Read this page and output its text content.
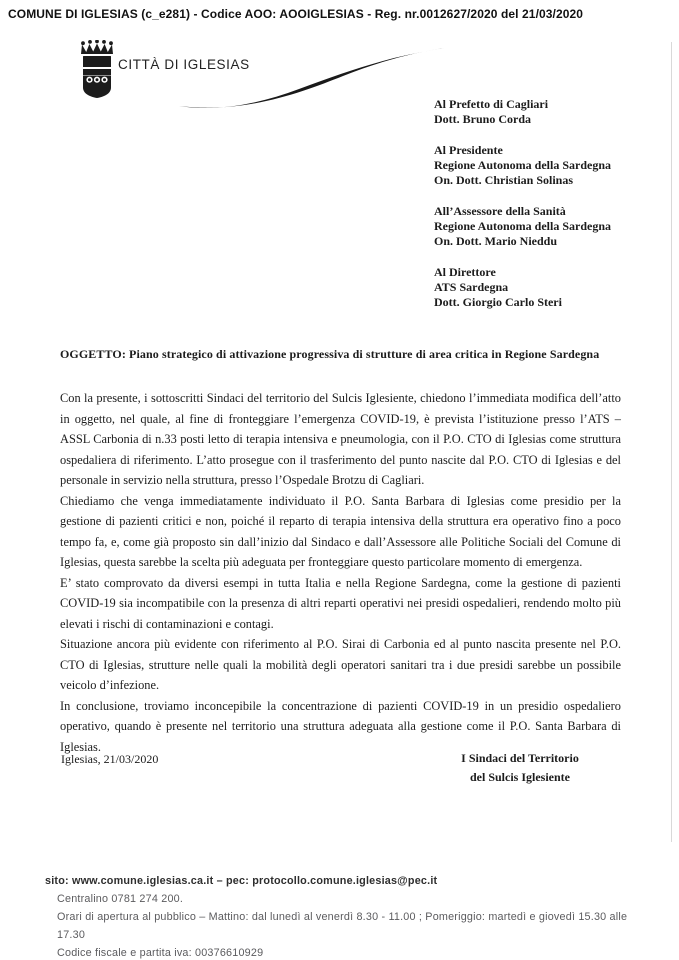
COMUNE DI IGLESIAS (c_e281) - Codice AOO: AOOIGLESIAS - Reg. nr.0012627/2020 del 21/03/2020
CITTÀ DI IGLESIAS
Al Prefetto di Cagliari
Dott. Bruno Corda
Al Presidente
Regione Autonoma della Sardegna
On. Dott. Christian Solinas
All’Assessore della Sanità
Regione Autonoma della Sardegna
On. Dott. Mario Nieddu
Al Direttore
ATS Sardegna
Dott. Giorgio Carlo Steri
OGGETTO: Piano strategico di attivazione progressiva di strutture di area critica in Regione Sardegna

Con la presente, i sottoscritti Sindaci del territorio del Sulcis Iglesiente, chiedono l’immediata modifica dell’atto in oggetto, nel quale, al fine di fronteggiare l’emergenza COVID-19, è prevista l’istituzione presso l’ATS – ASSL Carbonia di n.33 posti letto di terapia intensiva e pneumologia, con il P.O. CTO di Iglesias come struttura ospedaliera di riferimento. L’atto prosegue con il trasferimento del punto nascite dal P.O. CTO di Iglesias e del personale in servizio nella struttura, presso l’Ospedale Brotzu di Cagliari.

Chiediamo che venga immediatamente individuato il P.O. Santa Barbara di Iglesias come presidio per la gestione di pazienti critici e non, poiché il reparto di terapia intensiva della struttura era operativo fino a poco tempo fa, e, come già proposto sin dall’inizio dal Sindaco e dall’Assessore alle Politiche Sociali del Comune di Iglesias, questa sarebbe la scelta più adeguata per fronteggiare questo particolare momento di emergenza.

E’ stato comprovato da diversi esempi in tutta Italia e nella Regione Sardegna, come la gestione di pazienti COVID-19 sia incompatibile con la presenza di altri reparti operativi nei presidi ospedalieri, rendendo molto più elevati i rischi di contaminazioni e contagi.

Situazione ancora più evidente con riferimento al P.O. Sirai di Carbonia ed al punto nascita presente nel P.O. CTO di Iglesias, strutture nelle quali la mobilità degli operatori sanitari tra i due presidi sarebbe un possibile veicolo d’infezione.

In conclusione, troviamo inconcepibile la concentrazione di pazienti COVID-19 in un presidio ospedaliero operativo, quando è presente nel territorio una struttura adeguata alla gestione come il P.O. Santa Barbara di Iglesias.

Iglesias, 21/03/2020	I Sindaci del Territorio
del Sulcis Iglesiente
sito: www.comune.iglesias.ca.it – pec: protocollo.comune.iglesias@pec.it
Centralino 0781 274 200.
Orari di apertura al pubblico – Mattino: dal lunedì al venerdì 8.30 - 11.00 ; Pomeriggio: martedì e giovedì 15.30 alle 17.30
Codice fiscale e partita iva: 00376610929
